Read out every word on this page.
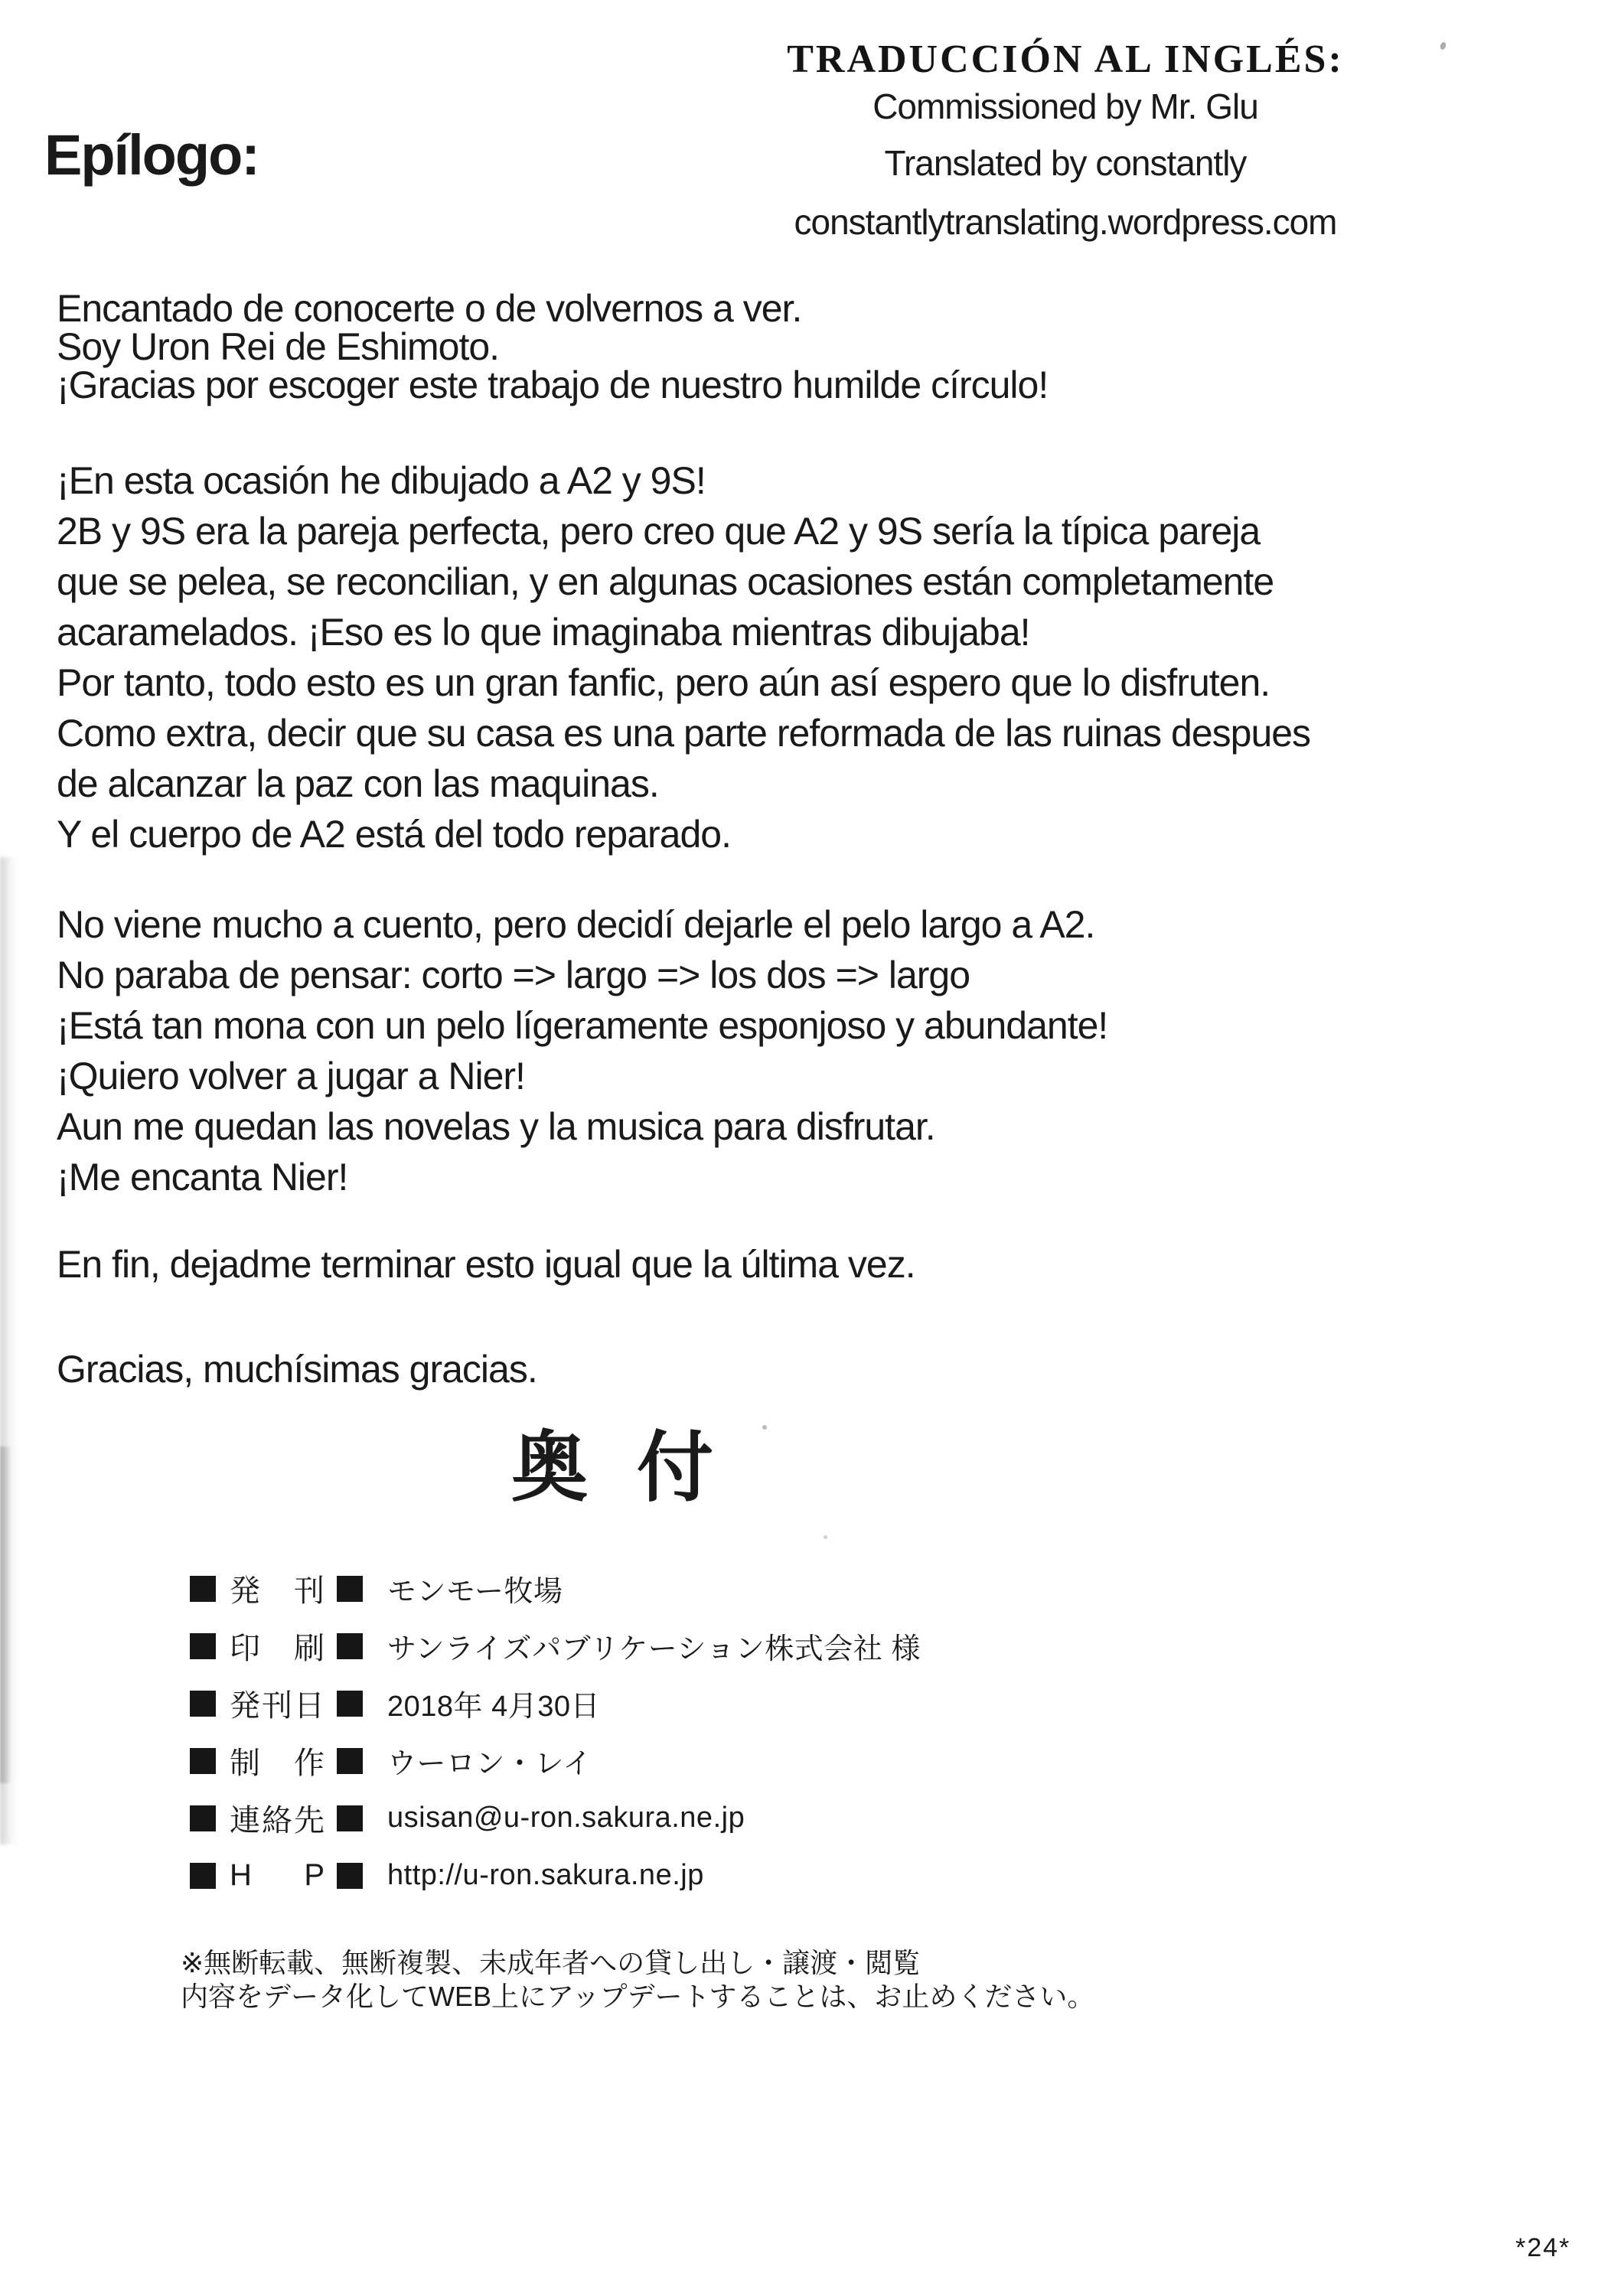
TRADUCCIÓN AL INGLÉS:
Commissioned by Mr. Glu
Translated by constantly
constantlytranslating.wordpress.com
Epílogo:
Encantado de conocerte o de volvernos a ver.
Soy Uron Rei de Eshimoto.
¡Gracias por escoger este trabajo de nuestro humilde círculo!
¡En esta ocasión he dibujado a A2 y 9S!
2B y 9S era la pareja perfecta, pero creo que A2 y 9S sería la típica pareja
que se pelea, se reconcilian, y en algunas ocasiones están completamente
acaramelados. ¡Eso es lo que imaginaba mientras dibujaba!
Por tanto, todo esto es un gran fanfic, pero aún así espero que lo disfruten.
Como extra, decir que su casa es una parte reformada de las ruinas despues
de alcanzar la paz con las maquinas.
Y el cuerpo de A2 está del todo reparado.
No viene mucho a cuento, pero decidí dejarle el pelo largo a A2.
No paraba de pensar: corto => largo => los dos => largo
¡Está tan mona con un pelo lígeramente esponjoso y abundante!
¡Quiero volver a jugar a Nier!
Aun me quedan las novelas y la musica para disfrutar.
¡Me encanta Nier!
En fin, dejadme terminar esto igual que la última vez.
Gracias, muchísimas gracias.
奥付
発 刊 モンモー牧場
印 刷 サンライズパブリケーション株式会社 様
発刊日 2018年 4月30日
制 作 ウーロン・レイ
連絡先 usisan@u-ron.sakura.ne.jp
H P http://u-ron.sakura.ne.jp
※無断転載、無断複製、未成年者への貸し出し・譲渡・閲覧
内容をデータ化してWEB上にアップデートすることは、お止めください。
*24*
